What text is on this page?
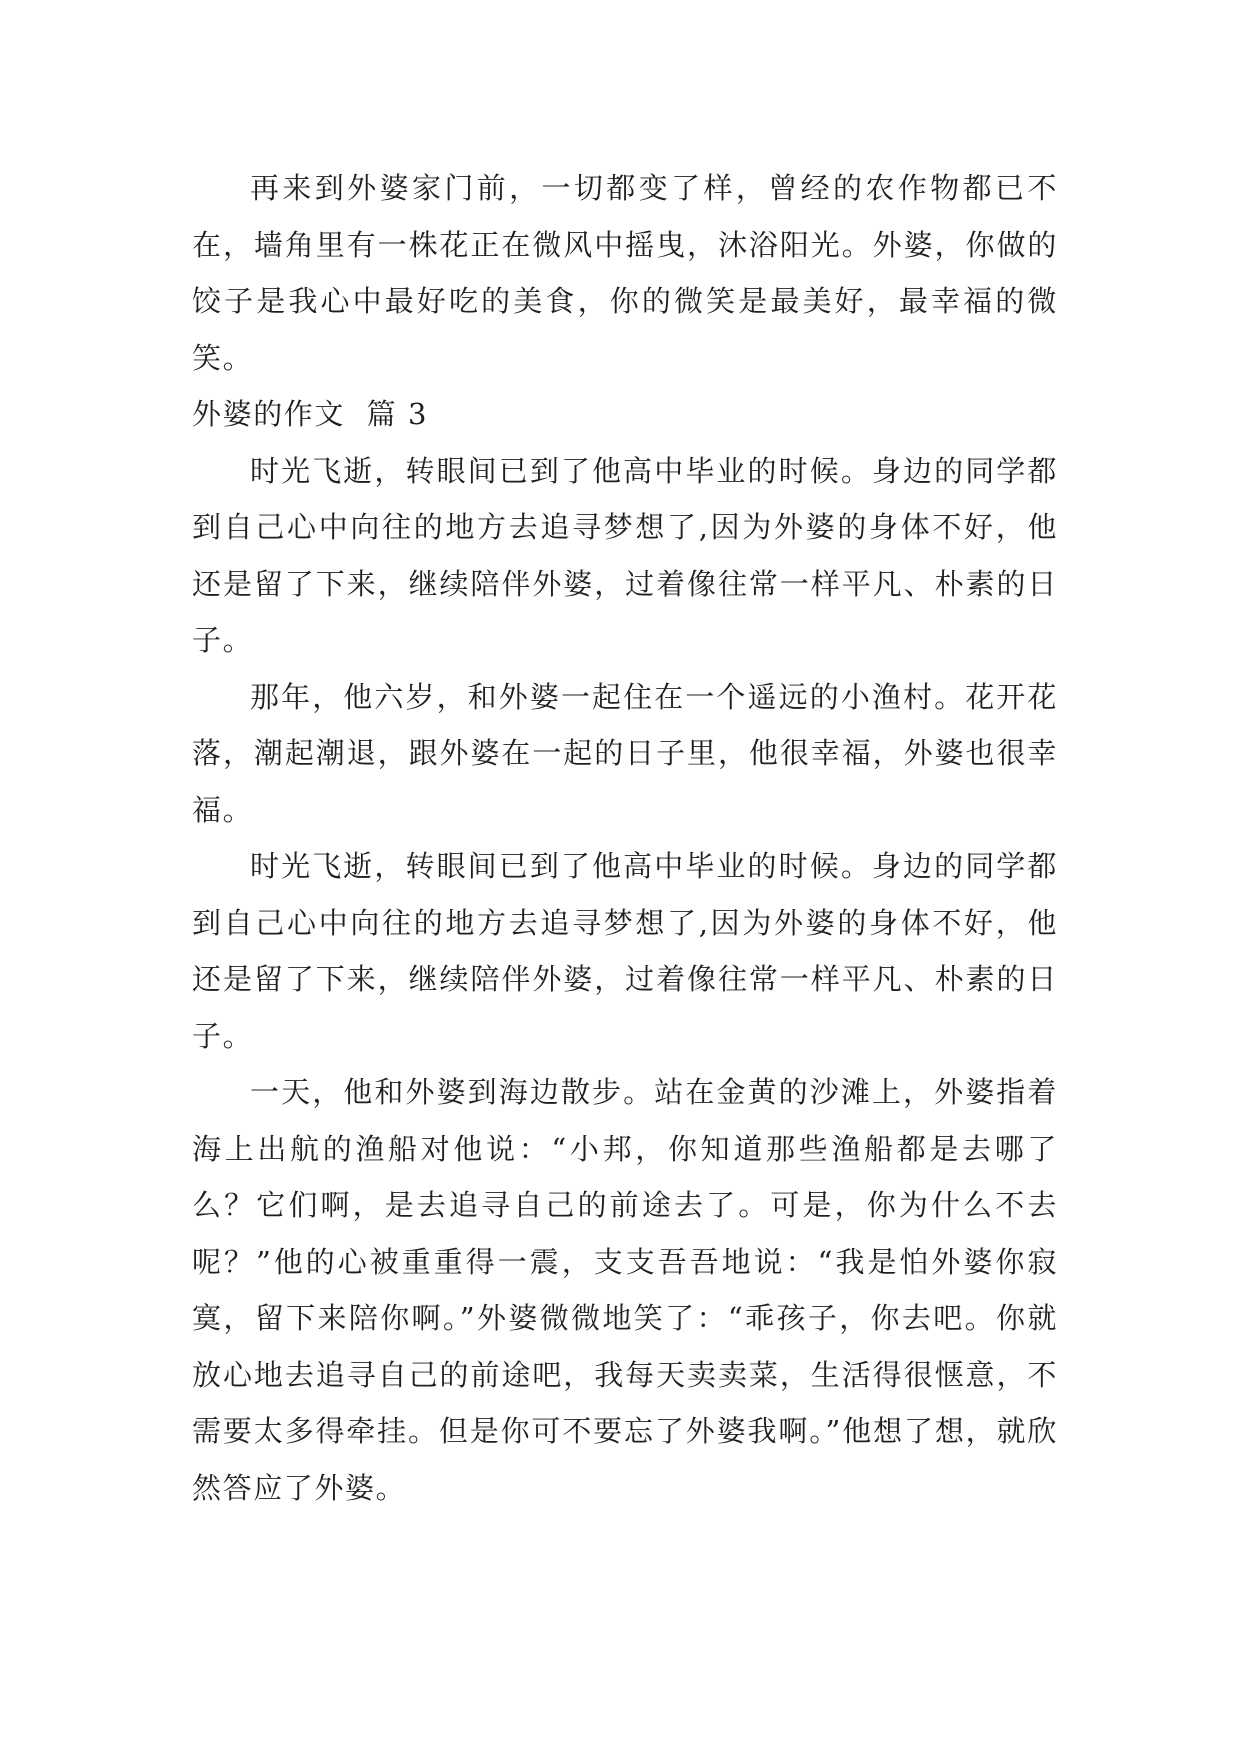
再来到外婆家门前，一切都变了样，曾经的农作物都已不在，墙角里有一株花正在微风中摇曳，沐浴阳光。外婆，你做的饺子是我心中最好吃的美食，你的微笑是最美好，最幸福的微笑。

外婆的作文  篇 3

时光飞逝，转眼间已到了他高中毕业的时候。身边的同学都到自己心中向往的地方去追寻梦想了,因为外婆的身体不好，他还是留了下来，继续陪伴外婆，过着像往常一样平凡、朴素的日子。

那年，他六岁，和外婆一起住在一个遥远的小渔村。花开花落，潮起潮退，跟外婆在一起的日子里，他很幸福，外婆也很幸福。

时光飞逝，转眼间已到了他高中毕业的时候。身边的同学都到自己心中向往的地方去追寻梦想了,因为外婆的身体不好，他还是留了下来，继续陪伴外婆，过着像往常一样平凡、朴素的日子。

一天，他和外婆到海边散步。站在金黄的沙滩上，外婆指着海上出航的渔船对他说：“小邦，你知道那些渔船都是去哪了么？它们啊，是去追寻自己的前途去了。可是，你为什么不去呢？”他的心被重重得一震，支支吾吾地说：“我是怕外婆你寂寞，留下来陪你啊。”外婆微微地笑了：“乖孩子，你去吧。你就放心地去追寻自己的前途吧，我每天卖卖菜，生活得很惬意，不需要太多得牵挂。但是你可不要忘了外婆我啊。”他想了想，就欣然答应了外婆。
